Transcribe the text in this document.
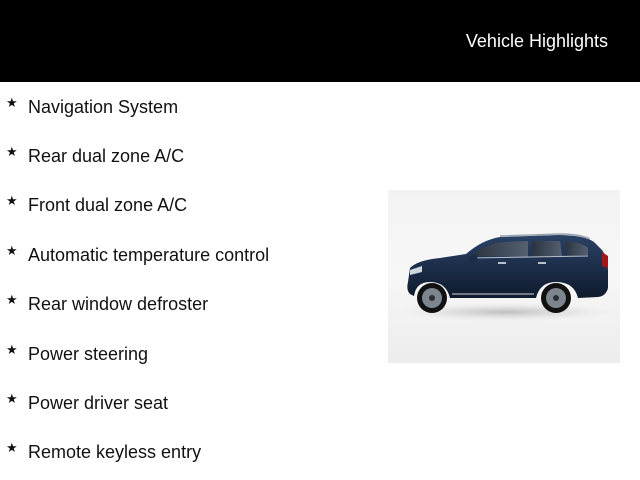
Vehicle Highlights
★ Navigation System
★ Rear dual zone A/C
★ Front dual zone A/C
★ Automatic temperature control
★ Rear window defroster
★ Power steering
★ Power driver seat
★ Remote keyless entry
